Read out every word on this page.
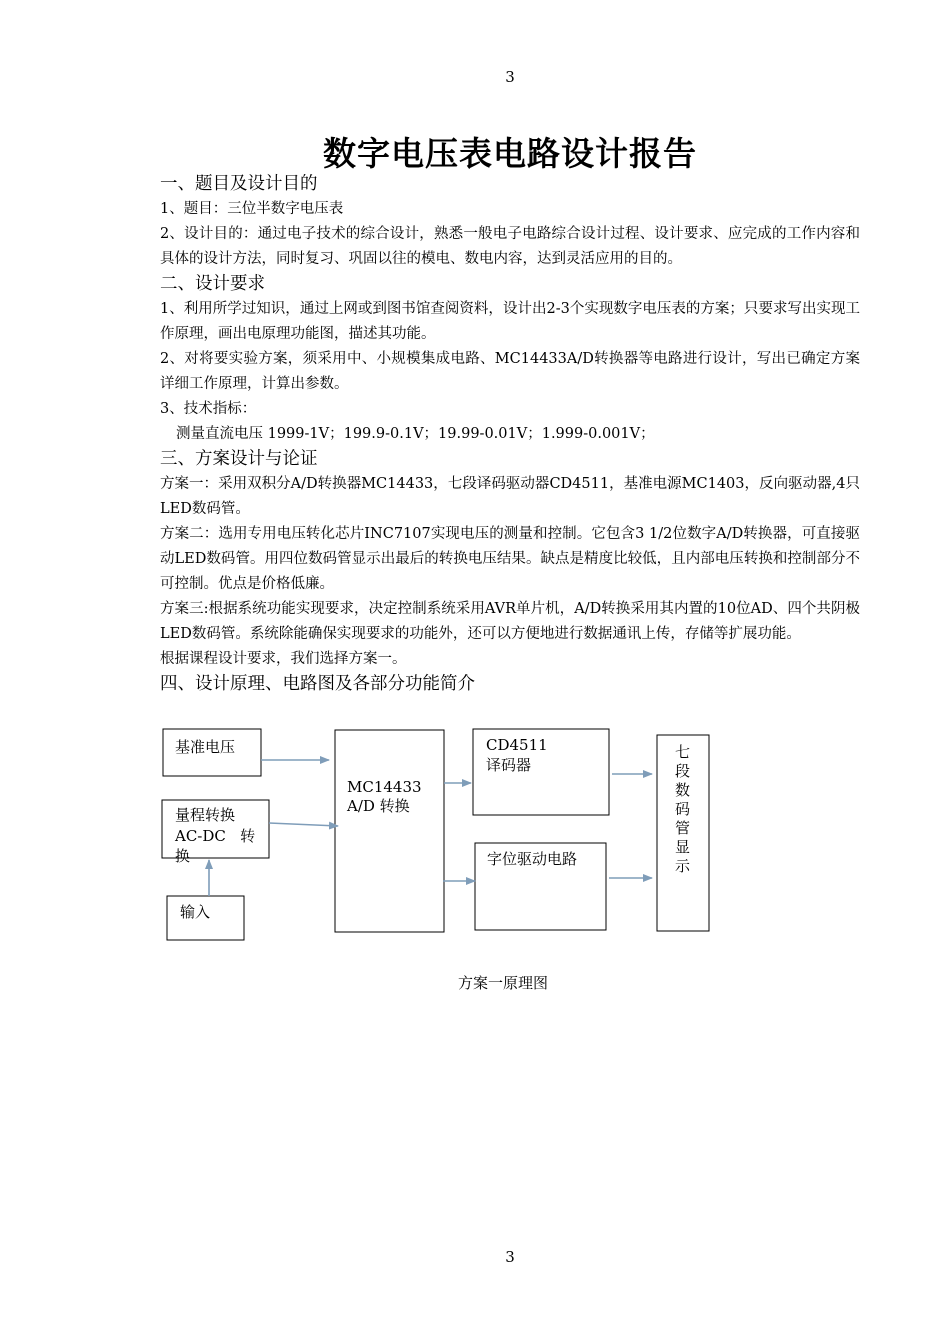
3
数字电压表电路设计报告

一、题目及设计目的

1、题目：三位半数字电压表

2、设计目的：通过电子技术的综合设计，熟悉一般电子电路综合设计过程、设计要求、应完成的工作内容和具体的设计方法，同时复习、巩固以往的模电、数电内容，达到灵活应用的目的。

二、设计要求

1、利用所学过知识，通过上网或到图书馆查阅资料，设计出2-3个实现数字电压表的方案；只要求写出实现工作原理，画出电原理功能图，描述其功能。

2、对将要实验方案，须采用中、小规模集成电路、MC14433A/D转换器等电路进行设计，写出已确定方案详细工作原理，计算出参数。

3、技术指标：

测量直流电压 1999-1V；199.9-0.1V；19.99-0.01V；1.999-0.001V；

三、方案设计与论证

方案一：采用双积分A/D转换器MC14433，七段译码驱动器CD4511，基准电源MC1403，反向驱动器,4只LED数码管。

方案二：选用专用电压转化芯片INC7107实现电压的测量和控制。它包含3 1/2位数字A/D转换器，可直接驱动LED数码管。用四位数码管显示出最后的转换电压结果。缺点是精度比较低，且内部电压转换和控制部分不可控制。优点是价格低廉。

方案三:根据系统功能实现要求，决定控制系统采用AVR单片机，A/D转换采用其内置的10位AD、四个共阴极LED数码管。系统除能确保实现要求的功能外，还可以方便地进行数据通讯上传，存储等扩展功能。

根据课程设计要求，我们选择方案一。

四、设计原理、电路图及各部分功能简介

基准电压
量程转换
AC-DC   转
换
输入
MC14433
A/D 转换
CD4511
译码器
字位驱动电路
七
段
数
码
管
显
示
方案一原理图
3
